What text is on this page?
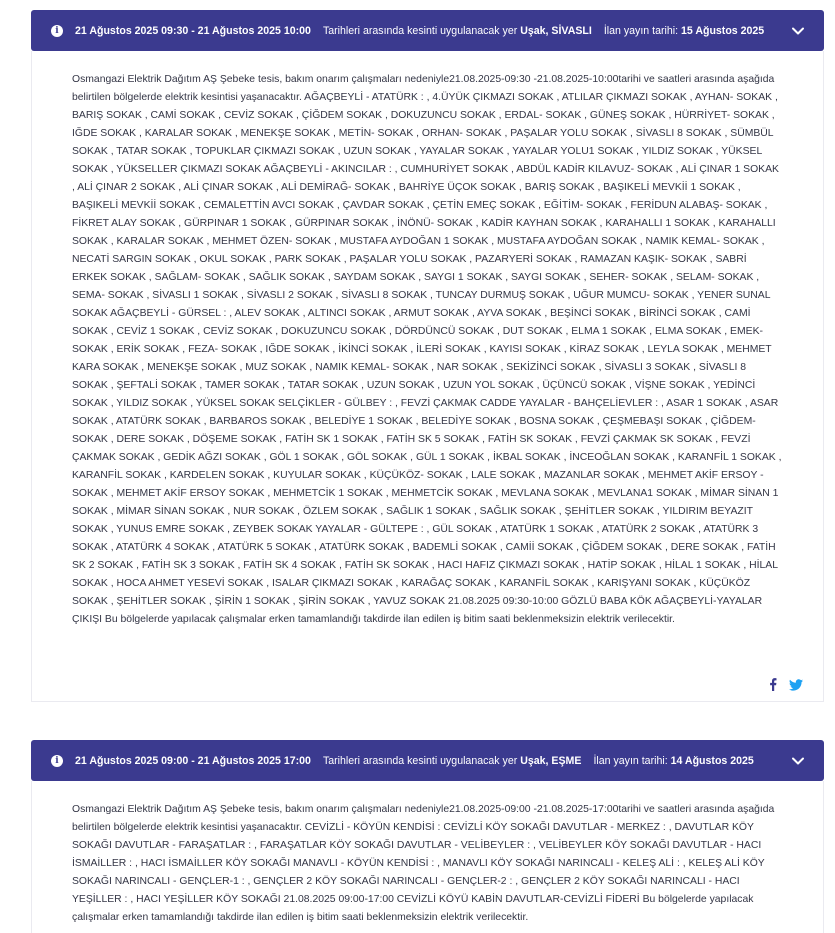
i	21 Ağustos 2025 09:30 - 21 Ağustos 2025 10:00 Tarihleri arasında kesinti uygulanacak yer Uşak, SİVASLI İlan yayın tarihi: 15 Ağustos 2025

Osmangazi Elektrik Dağıtım AŞ Şebeke tesis, bakım onarım çalışmaları nedeniyle21.08.2025-09:30 -21.08.2025-10:00tarihi ve saatleri arasında aşağıda belirtilen bölgelerde elektrik kesintisi yaşanacaktır. AĞAÇBEYLİ - ATATÜRK : , 4.ÜYÜK ÇIKMAZI SOKAK , ATLILAR ÇIKMAZI SOKAK , AYHAN- SOKAK , BARIŞ SOKAK , CAMİ SOKAK , CEVİZ SOKAK , ÇİĞDEM SOKAK , DOKUZUNCU SOKAK , ERDAL- SOKAK , GÜNEŞ SOKAK , HÜRRİYET- SOKAK , IĞDE SOKAK , KARALAR SOKAK , MENEKŞE SOKAK , METİN- SOKAK , ORHAN- SOKAK , PAŞALAR YOLU SOKAK , SİVASLI 8 SOKAK , SÜMBÜL SOKAK , TATAR SOKAK , TOPUKLAR ÇIKMAZI SOKAK , UZUN SOKAK , YAYALAR SOKAK , YAYALAR YOLU1 SOKAK , YILDIZ SOKAK , YÜKSEL SOKAK , YÜKSELLER ÇIKMAZI SOKAK AĞAÇBEYLİ - AKINCILAR : , CUMHURİYET SOKAK , ABDÜL KADİR KILAVUZ- SOKAK , ALİ ÇINAR 1 SOKAK , ALİ ÇINAR 2 SOKAK , ALİ ÇINAR SOKAK , ALİ DEMİRAĞ- SOKAK , BAHRİYE ÜÇOK SOKAK , BARIŞ SOKAK , BAŞIKELİ MEVKİİ 1 SOKAK , BAŞIKELİ MEVKİİ SOKAK , CEMALETTİN AVCI SOKAK , ÇAVDAR SOKAK , ÇETİN EMEÇ SOKAK , EĞİTİM- SOKAK , FERİDUN ALABAŞ- SOKAK , FİKRET ALAY SOKAK , GÜRPINAR 1 SOKAK , GÜRPINAR SOKAK , İNÖNÜ- SOKAK , KADİR KAYHAN SOKAK , KARAHALLI 1 SOKAK , KARAHALLI SOKAK , KARALAR SOKAK , MEHMET ÖZEN- SOKAK , MUSTAFA AYDOĞAN 1 SOKAK , MUSTAFA AYDOĞAN SOKAK , NAMIK KEMAL- SOKAK , NECATİ SARGIN SOKAK , OKUL SOKAK , PARK SOKAK , PAŞALAR YOLU SOKAK , PAZARYERİ SOKAK , RAMAZAN KAŞIK- SOKAK , SABRİ ERKEK SOKAK , SAĞLAM- SOKAK , SAĞLIK SOKAK , SAYDAM SOKAK , SAYGI 1 SOKAK , SAYGI SOKAK , SEHER- SOKAK , SELAM- SOKAK , SEMA- SOKAK , SİVASLI 1 SOKAK , SİVASLI 2 SOKAK , SİVASLI 8 SOKAK , TUNCAY DURMUŞ SOKAK , UĞUR MUMCU- SOKAK , YENER SUNAL SOKAK AĞAÇBEYLİ - GÜRSEL : , ALEV SOKAK , ALTINCI SOKAK , ARMUT SOKAK , AYVA SOKAK , BEŞİNCİ SOKAK , BİRİNCİ SOKAK , CAMİ SOKAK , CEVİZ 1 SOKAK , CEVİZ SOKAK , DOKUZUNCU SOKAK , DÖRDÜNCÜ SOKAK , DUT SOKAK , ELMA 1 SOKAK , ELMA SOKAK , EMEK- SOKAK , ERİK SOKAK , FEZA- SOKAK , IĞDE SOKAK , İKİNCİ SOKAK , İLERİ SOKAK , KAYISI SOKAK , KİRAZ SOKAK , LEYLA SOKAK , MEHMET KARA SOKAK , MENEKŞE SOKAK , MUZ SOKAK , NAMIK KEMAL- SOKAK , NAR SOKAK , SEKİZİNCİ SOKAK , SİVASLI 3 SOKAK , SİVASLI 8 SOKAK , ŞEFTALİ SOKAK , TAMER SOKAK , TATAR SOKAK , UZUN SOKAK , UZUN YOL SOKAK , ÜÇÜNCÜ SOKAK , VİŞNE SOKAK , YEDİNCİ SOKAK , YILDIZ SOKAK , YÜKSEL SOKAK SELÇİKLER - GÜLBEY : , FEVZİ ÇAKMAK CADDE YAYALAR - BAHÇELİEVLER : , ASAR 1 SOKAK , ASAR SOKAK , ATATÜRK SOKAK , BARBAROS SOKAK , BELEDİYE 1 SOKAK , BELEDİYE SOKAK , BOSNA SOKAK , ÇEŞMEBAŞI SOKAK , ÇİĞDEM- SOKAK , DERE SOKAK , DÖŞEME SOKAK , FATİH SK 1 SOKAK , FATİH SK 5 SOKAK , FATİH SK SOKAK , FEVZİ ÇAKMAK SK SOKAK , FEVZİ ÇAKMAK SOKAK , GEDİK AĞZI SOKAK , GÖL 1 SOKAK , GÖL SOKAK , GÜL 1 SOKAK , İKBAL SOKAK , İNCEOĞLAN SOKAK , KARANFİL 1 SOKAK , KARANFİL SOKAK , KARDELEN SOKAK , KUYULAR SOKAK , KÜÇÜKÖZ- SOKAK , LALE SOKAK , MAZANLAR SOKAK , MEHMET AKİF ERSOY - SOKAK , MEHMET AKİF ERSOY SOKAK , MEHMETCİK 1 SOKAK , MEHMETCİK SOKAK , MEVLANA SOKAK , MEVLANA1 SOKAK , MİMAR SİNAN 1 SOKAK , MİMAR SİNAN SOKAK , NUR SOKAK , ÖZLEM SOKAK , SAĞLIK 1 SOKAK , SAĞLIK SOKAK , ŞEHİTLER SOKAK , YILDIRIM BEYAZIT SOKAK , YUNUS EMRE SOKAK , ZEYBEK SOKAK YAYALAR - GÜLTEPE : , GÜL SOKAK , ATATÜRK 1 SOKAK , ATATÜRK 2 SOKAK , ATATÜRK 3 SOKAK , ATATÜRK 4 SOKAK , ATATÜRK 5 SOKAK , ATATÜRK SOKAK , BADEMLİ SOKAK , CAMİİ SOKAK , ÇİĞDEM SOKAK , DERE SOKAK , FATİH SK 2 SOKAK , FATİH SK 3 SOKAK , FATİH SK 4 SOKAK , FATİH SK SOKAK , HACI HAFIZ ÇIKMAZI SOKAK , HATİP SOKAK , HİLAL 1 SOKAK , HİLAL SOKAK , HOCA AHMET YESEVİ SOKAK , ISALAR ÇIKMAZI SOKAK , KARAĞAÇ SOKAK , KARANFİL SOKAK , KARIŞYANI SOKAK , KÜÇÜKÖZ SOKAK , ŞEHİTLER SOKAK , ŞİRİN 1 SOKAK , ŞİRİN SOKAK , YAVUZ SOKAK 21.08.2025 09:30-10:00 GÖZLÜ BABA KÖK AĞAÇBEYLİ-YAYALAR ÇIKIŞI Bu bölgelerde yapılacak çalışmalar erken tamamlandığı takdirde ilan edilen iş bitim saati beklenmeksizin elektrik verilecektir.

i	21 Ağustos 2025 09:00 - 21 Ağustos 2025 17:00 Tarihleri arasında kesinti uygulanacak yer Uşak, EŞME İlan yayın tarihi: 14 Ağustos 2025

Osmangazi Elektrik Dağıtım AŞ Şebeke tesis, bakım onarım çalışmaları nedeniyle21.08.2025-09:00 -21.08.2025-17:00tarihi ve saatleri arasında aşağıda belirtilen bölgelerde elektrik kesintisi yaşanacaktır. CEVİZLİ - KÖYÜN KENDİSİ : CEVİZLİ KÖY SOKAĞI DAVUTLAR - MERKEZ : , DAVUTLAR KÖY SOKAĞI DAVUTLAR - FARAŞATLAR : , FARAŞATLAR KÖY SOKAĞI DAVUTLAR - VELİBEYLER : , VELİBEYLER KÖY SOKAĞI DAVUTLAR - HACI İSMAİLLER : , HACI İSMAİLLER KÖY SOKAĞI MANAVLI - KÖYÜN KENDİSİ : , MANAVLI KÖY SOKAĞI NARINCALI - KELEŞ ALİ : , KELEŞ ALİ KÖY SOKAĞI NARINCALI - GENÇLER-1 : , GENÇLER 2 KÖY SOKAĞI NARINCALI - GENÇLER-2 : , GENÇLER 2 KÖY SOKAĞI NARINCALI - HACI YEŞİLLER : , HACI YEŞİLLER KÖY SOKAĞI 21.08.2025 09:00-17:00 CEVİZLİ KÖYÜ KABİN DAVUTLAR-CEVİZLİ FİDERİ Bu bölgelerde yapılacak çalışmalar erken tamamlandığı takdirde ilan edilen iş bitim saati beklenmeksizin elektrik verilecektir.
